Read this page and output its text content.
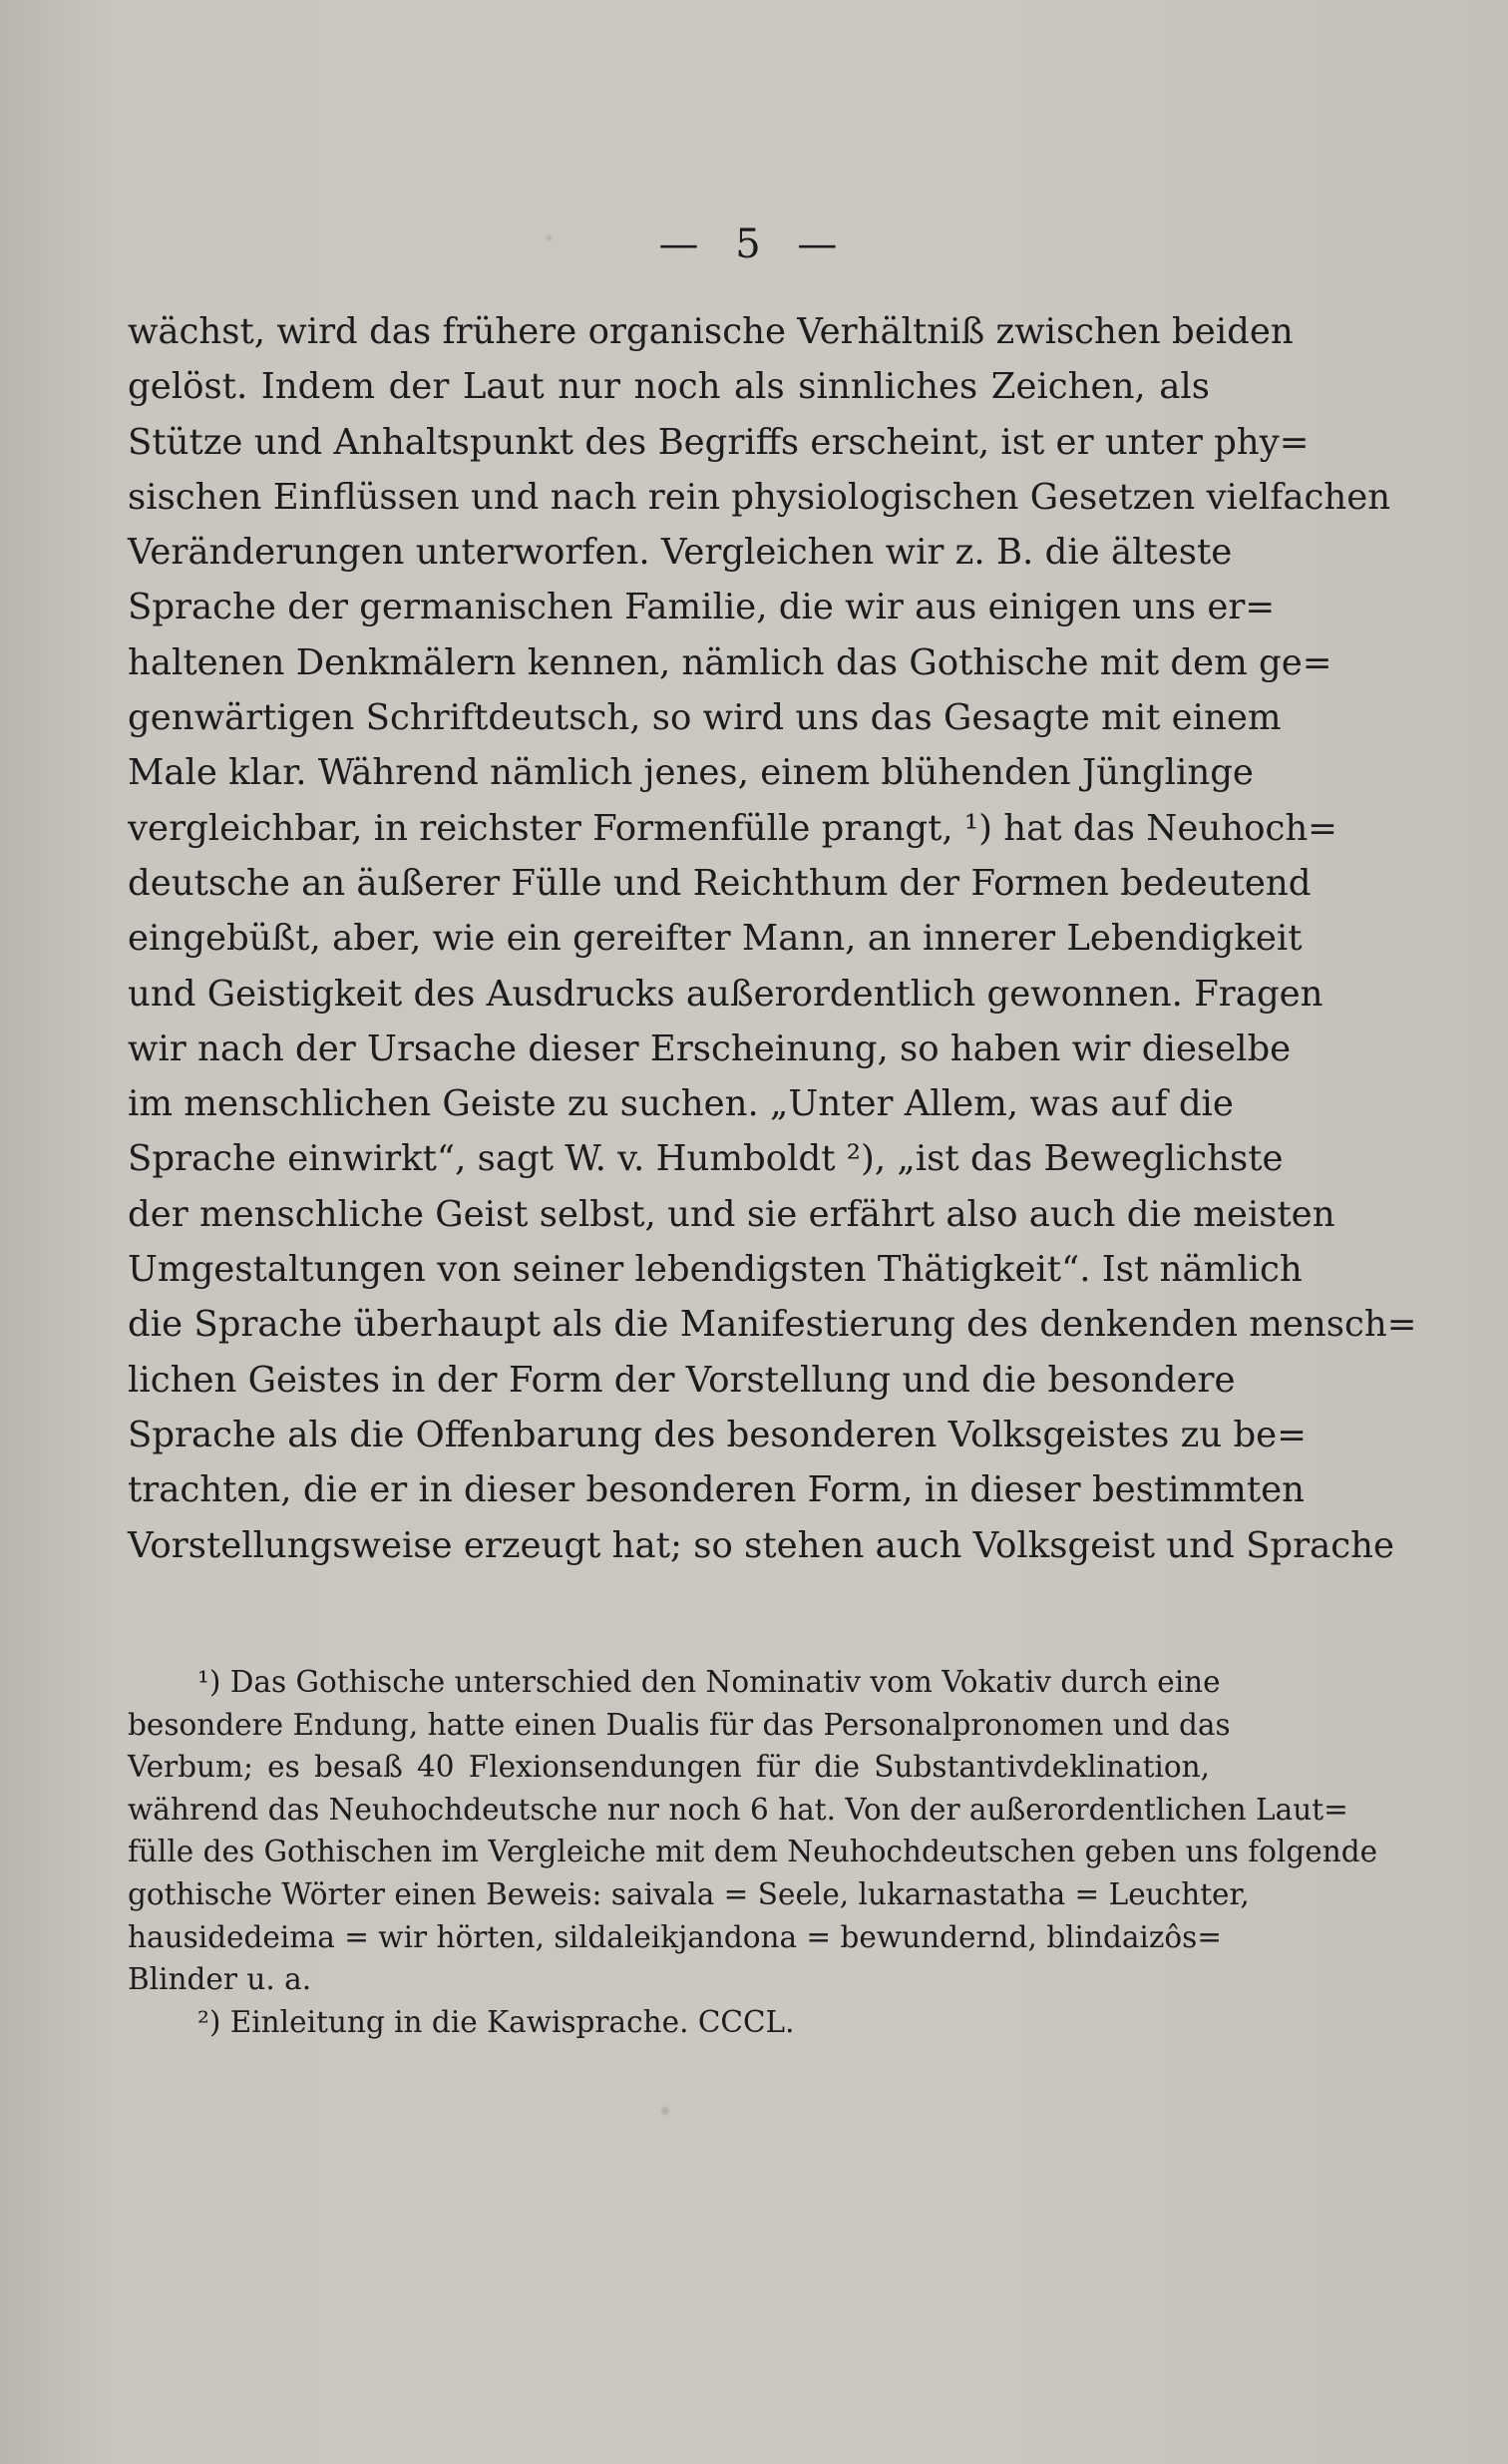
— 5 —
wächst, wird das frühere organische Verhältniß zwischen beiden
gelöst. Indem der Laut nur noch als sinnliches Zeichen, als
Stütze und Anhaltspunkt des Begriffs erscheint, ist er unter phy=
sischen Einflüssen und nach rein physiologischen Gesetzen vielfachen
Veränderungen unterworfen. Vergleichen wir z. B. die älteste
Sprache der germanischen Familie, die wir aus einigen uns er=
haltenen Denkmälern kennen, nämlich das Gothische mit dem ge=
genwärtigen Schriftdeutsch, so wird uns das Gesagte mit einem
Male klar. Während nämlich jenes, einem blühenden Jünglinge
vergleichbar, in reichster Formenfülle prangt, ¹) hat das Neuhoch=
deutsche an äußerer Fülle und Reichthum der Formen bedeutend
eingebüßt, aber, wie ein gereifter Mann, an innerer Lebendigkeit
und Geistigkeit des Ausdrucks außerordentlich gewonnen. Fragen
wir nach der Ursache dieser Erscheinung, so haben wir dieselbe
im menschlichen Geiste zu suchen. „Unter Allem, was auf die
Sprache einwirkt“, sagt W. v. Humboldt ²), „ist das Beweglichste
der menschliche Geist selbst, und sie erfährt also auch die meisten
Umgestaltungen von seiner lebendigsten Thätigkeit“. Ist nämlich
die Sprache überhaupt als die Manifestierung des denkenden mensch=
lichen Geistes in der Form der Vorstellung und die besondere
Sprache als die Offenbarung des besonderen Volksgeistes zu be=
trachten, die er in dieser besonderen Form, in dieser bestimmten
Vorstellungsweise erzeugt hat; so stehen auch Volksgeist und Sprache
¹) Das Gothische unterschied den Nominativ vom Vokativ durch eine
besondere Endung, hatte einen Dualis für das Personalpronomen und das
Verbum; es besaß 40 Flexionsendungen für die Substantivdeklination,
während das Neuhochdeutsche nur noch 6 hat. Von der außerordentlichen Laut=
fülle des Gothischen im Vergleiche mit dem Neuhochdeutschen geben uns folgende
gothische Wörter einen Beweis: saivala = Seele, lukarnastatha = Leuchter,
hausidedeima = wir hörten, sildaleikjandona = bewundernd, blindaizôs=
Blinder u. a.
²) Einleitung in die Kawisprache. CCCL.
